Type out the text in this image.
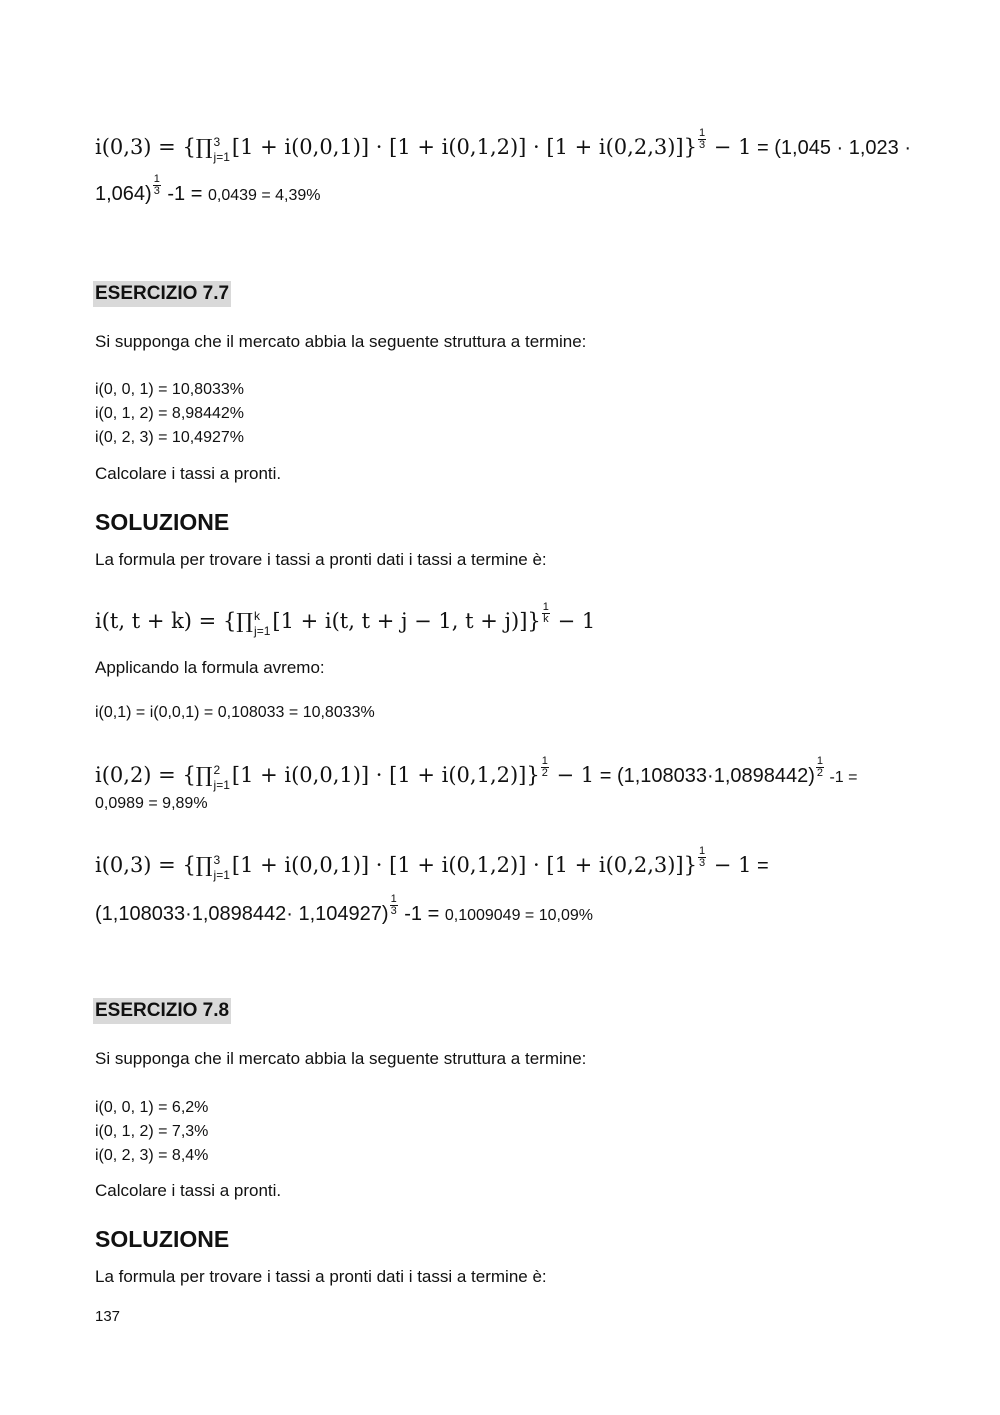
i(0,3) = {∏ 3
j=1 $[1 + i(0,0,1)] \cdot [1 + i(0,1,2)] \cdot [1 + i(0,2,3)]\} \frac{1}{3} - 1 = (1,045 \cdot 1,023$ ·
$1,064) \frac{1}{3} -1 = 0,0439 = 4,39\%$
ESERCIZIO 7.7
Si supponga che il mercato abbia la seguente struttura a termine:
i(0, 0, 1) = 10,8033%
i(0, 1, 2) = 8,98442%
i(0, 2, 3) = 10,4927%
Calcolare i tassi a pronti.
SOLUZIONE
La formula per trovare i tassi a pronti dati i tassi a termine è:
i(t, t + k) = {∏ k
j=1 [1 + i(t, t + j − 1, $t + j)]\} \frac{1}{k} - 1$
Applicando la formula avremo:
i(0,1) = i(0,0,1) = 0,108033 = 10,8033%
i(0,2) = {∏ 2
j=1 $[1 + i(0,0,1)] \cdot [1 + i(0,1,2)]\} \frac{1}{2} - 1 = (1,108033\cdot 1,0898442) \frac{1}{2} -1$ =
0,0989 = 9,89%
i(0,3) = {∏ 3
j=1 $[1 + i(0,0,1)] \cdot [1 + i(0,1,2)] \cdot [1 + i(0,2,3)]\} \frac{1}{3} - 1$ =
$(1,108033\cdot 1,0898442\cdot 1,104927) \frac{1}{3} -1 = 0,1009049 = 10,09\%$
ESERCIZIO 7.8
Si supponga che il mercato abbia la seguente struttura a termine:
i(0, 0, 1) = 6,2%
i(0, 1, 2) = 7,3%
i(0, 2, 3) = 8,4%
Calcolare i tassi a pronti.
SOLUZIONE
La formula per trovare i tassi a pronti dati i tassi a termine è:
137
